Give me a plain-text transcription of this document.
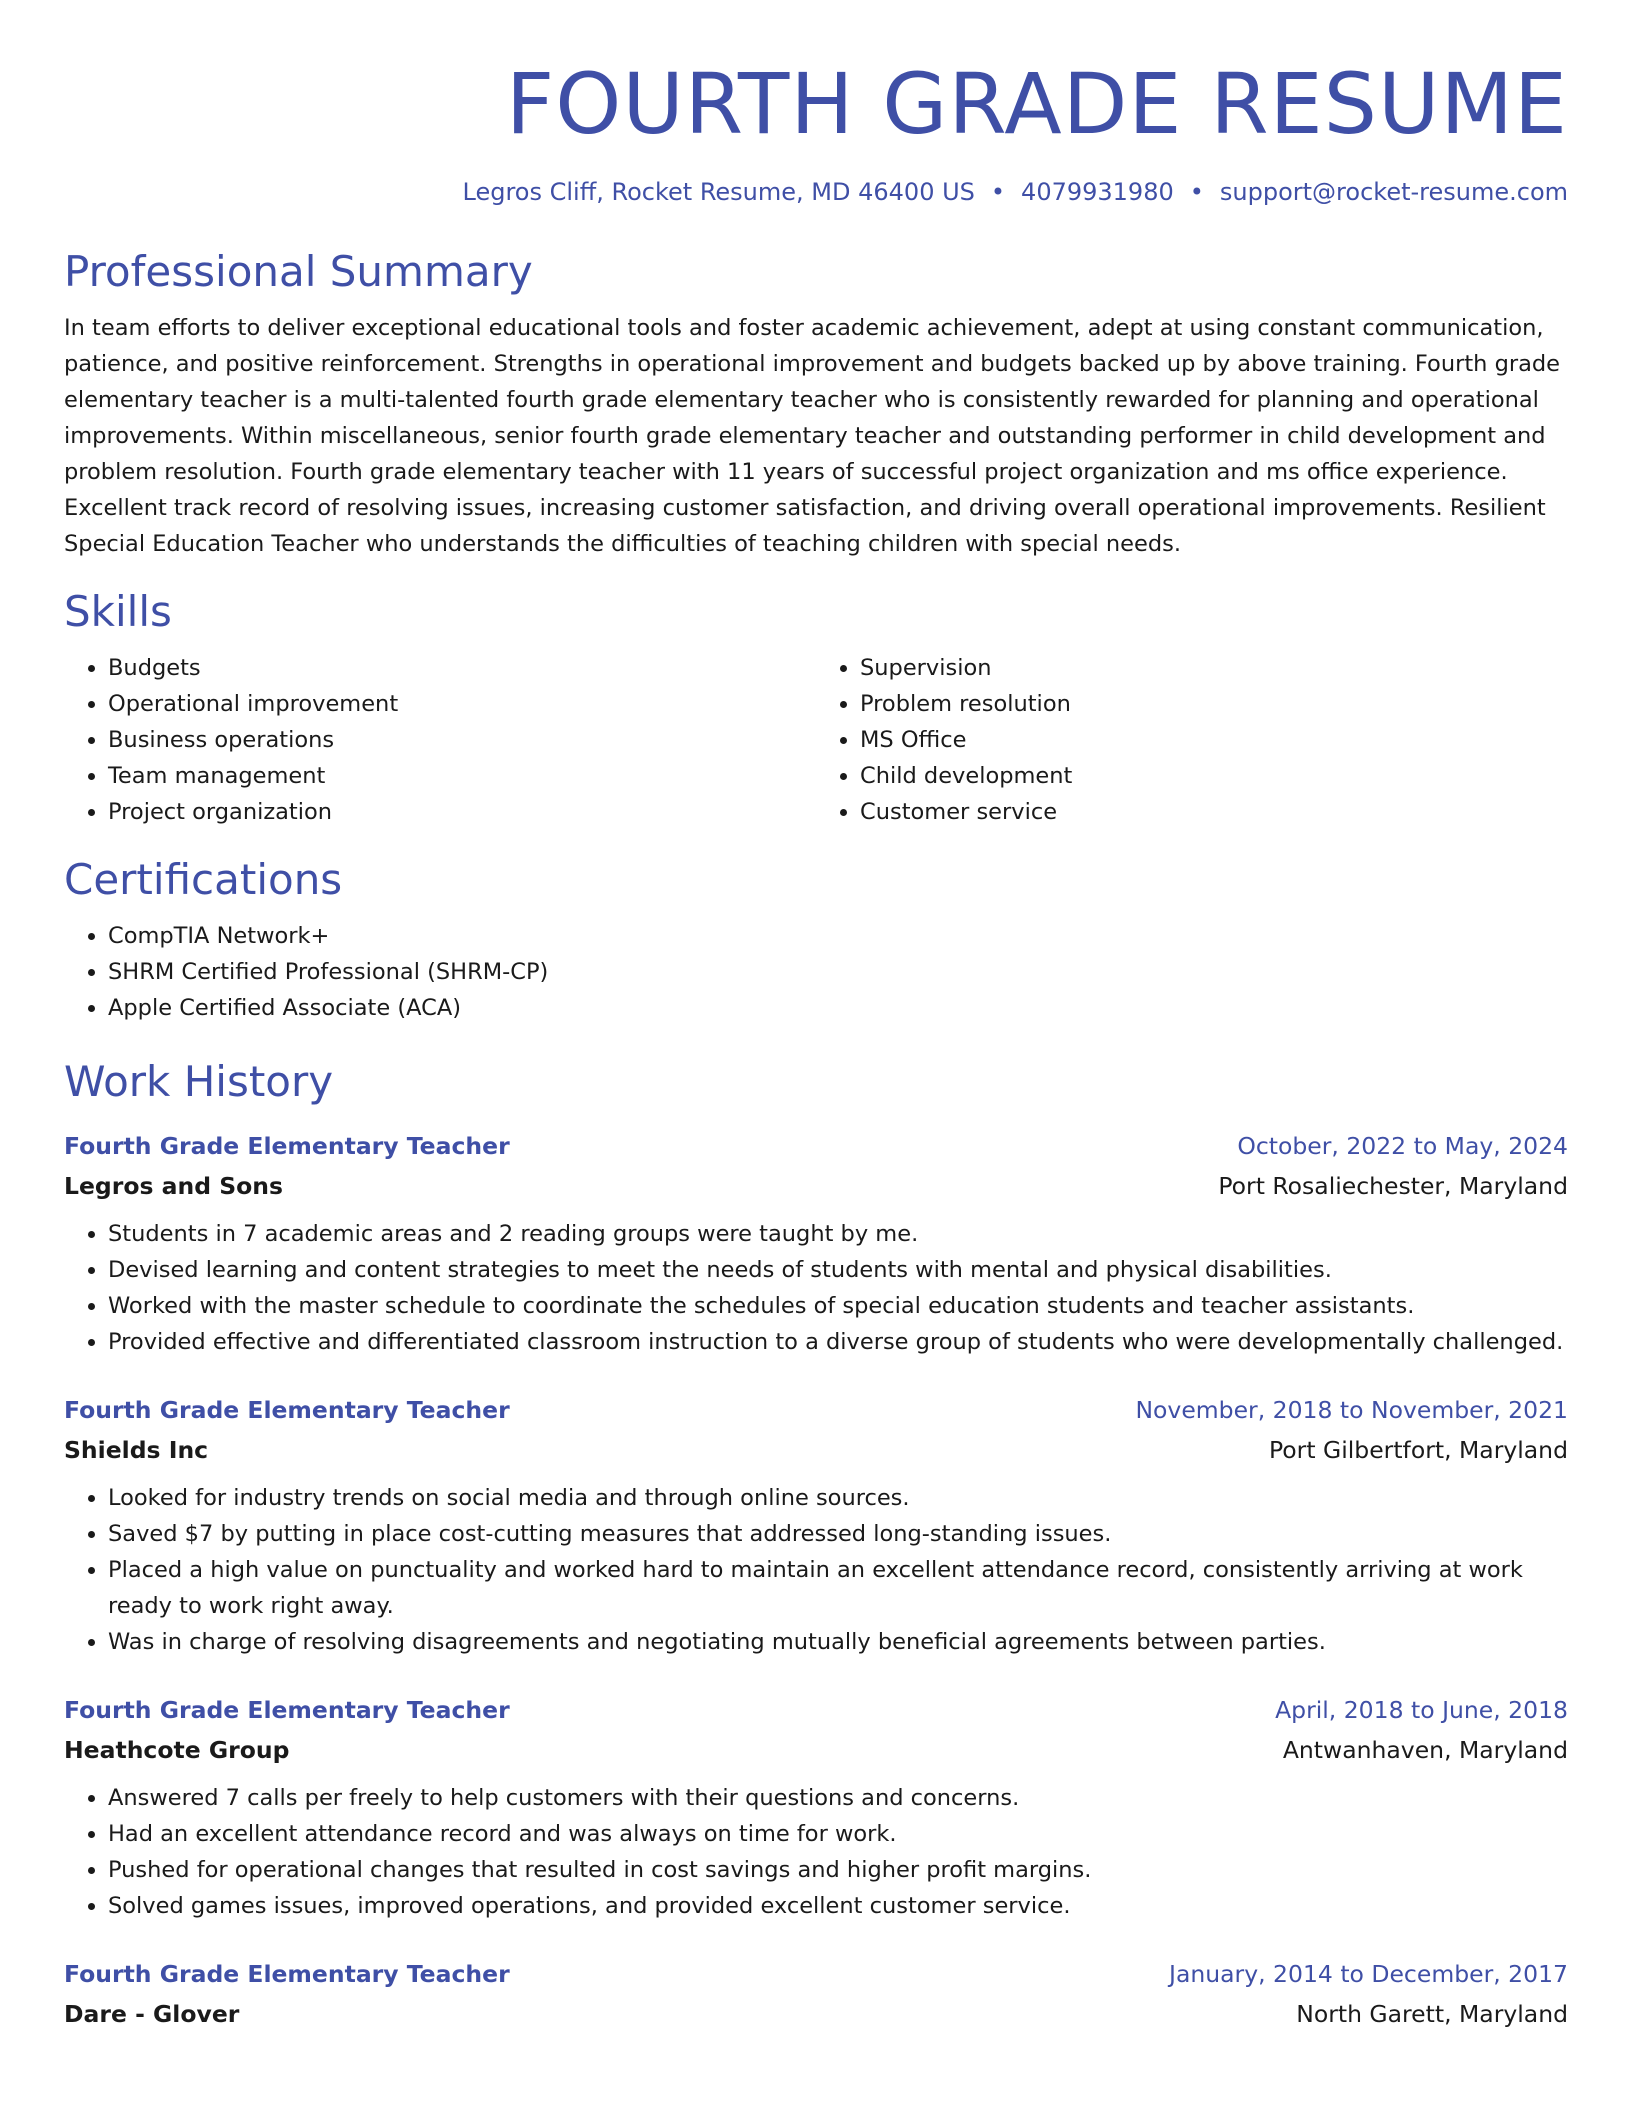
FOURTH GRADE RESUME
Legros Cliff, Rocket Resume, MD 46400 US • 4079931980 • support@rocket-resume.com
Professional Summary
In team efforts to deliver exceptional educational tools and foster academic achievement, adept at using constant communication, patience, and positive reinforcement. Strengths in operational improvement and budgets backed up by above training. Fourth grade elementary teacher is a multi-talented fourth grade elementary teacher who is consistently rewarded for planning and operational improvements. Within miscellaneous, senior fourth grade elementary teacher and outstanding performer in child development and problem resolution. Fourth grade elementary teacher with 11 years of successful project organization and ms office experience. Excellent track record of resolving issues, increasing customer satisfaction, and driving overall operational improvements. Resilient Special Education Teacher who understands the difficulties of teaching children with special needs.
Skills
• Budgets
• Operational improvement
• Business operations
• Team management
• Project organization
• Supervision
• Problem resolution
• MS Office
• Child development
• Customer service
Certifications
• CompTIA Network+
• SHRM Certified Professional (SHRM-CP)
• Apple Certified Associate (ACA)
Work History
Fourth Grade Elementary Teacher	October, 2022 to May, 2024
Legros and Sons	Port Rosaliechester, Maryland
• Students in 7 academic areas and 2 reading groups were taught by me.
• Devised learning and content strategies to meet the needs of students with mental and physical disabilities.
• Worked with the master schedule to coordinate the schedules of special education students and teacher assistants.
• Provided effective and differentiated classroom instruction to a diverse group of students who were developmentally challenged.
Fourth Grade Elementary Teacher	November, 2018 to November, 2021
Shields Inc	Port Gilbertfort, Maryland
• Looked for industry trends on social media and through online sources.
• Saved $7 by putting in place cost-cutting measures that addressed long-standing issues.
• Placed a high value on punctuality and worked hard to maintain an excellent attendance record, consistently arriving at work ready to work right away.
• Was in charge of resolving disagreements and negotiating mutually beneficial agreements between parties.
Fourth Grade Elementary Teacher	April, 2018 to June, 2018
Heathcote Group	Antwanhaven, Maryland
• Answered 7 calls per freely to help customers with their questions and concerns.
• Had an excellent attendance record and was always on time for work.
• Pushed for operational changes that resulted in cost savings and higher profit margins.
• Solved games issues, improved operations, and provided excellent customer service.
Fourth Grade Elementary Teacher	January, 2014 to December, 2017
Dare - Glover	North Garett, Maryland
